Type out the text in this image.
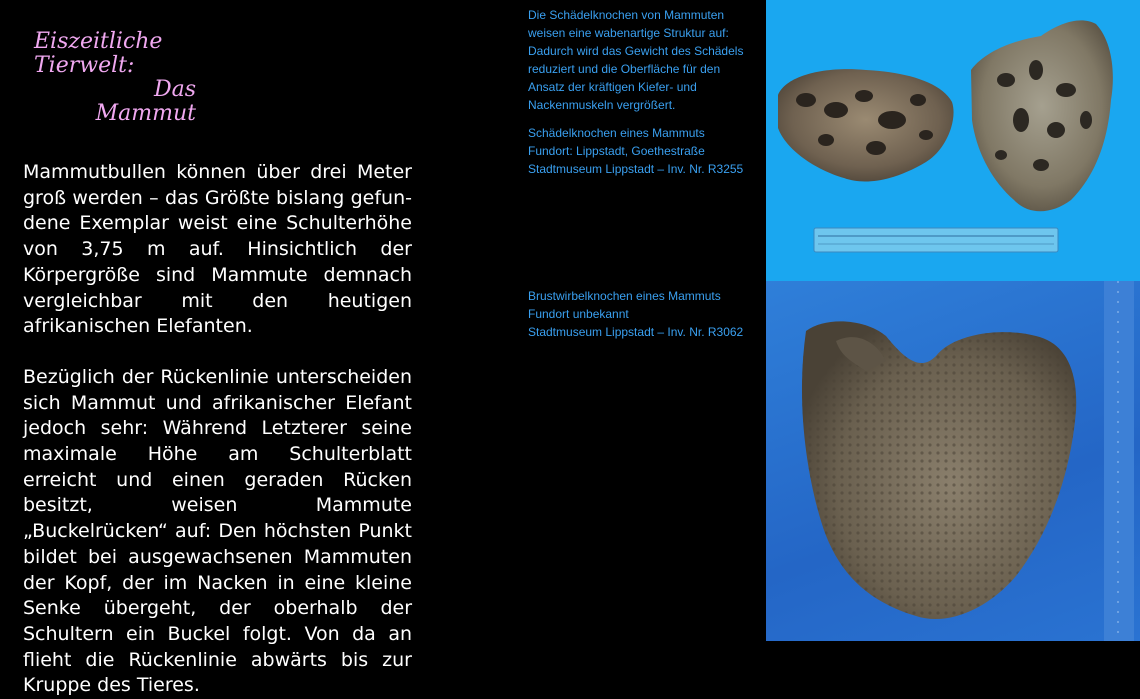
Eiszeitliche
Tierwelt:
Das
Mammut

Mammutbullen können über drei Meter groß werden – das Größte bislang gefundene Exemplar weist eine Schulterhöhe von 3,75 m auf. Hinsichtlich der Körpergröße sind Mammute demnach vergleichbar mit den heutigen afrikanischen Elefanten.

Bezüglich der Rückenlinie unterscheiden sich Mammut und afrikanischer Elefant jedoch sehr: Während Letzterer seine maximale Höhe am Schulterblatt erreicht und einen geraden Rücken besitzt, weisen Mammute „Buckelrücken“ auf: Den höchsten Punkt bildet bei ausgewachsenen Mammuten der Kopf, der im Nacken in eine kleine Senke übergeht, der oberhalb der Schultern ein Buckel folgt. Von da an flieht die Rückenlinie abwärts bis zur Kruppe des Tieres.

Die Schädelknochen von Mammuten
weisen eine wabenartige Struktur auf:
Dadurch wird das Gewicht des Schädels
reduziert und die Oberfläche für den
Ansatz der kräftigen Kiefer- und
Nackenmuskeln vergrößert.
Schädelknochen eines Mammuts
Fundort: Lippstadt, Goethestraße
Stadtmuseum Lippstadt – Inv. Nr. R3255
Brustwirbelknochen eines Mammuts
Fundort unbekannt
Stadtmuseum Lippstadt – Inv. Nr. R3062
